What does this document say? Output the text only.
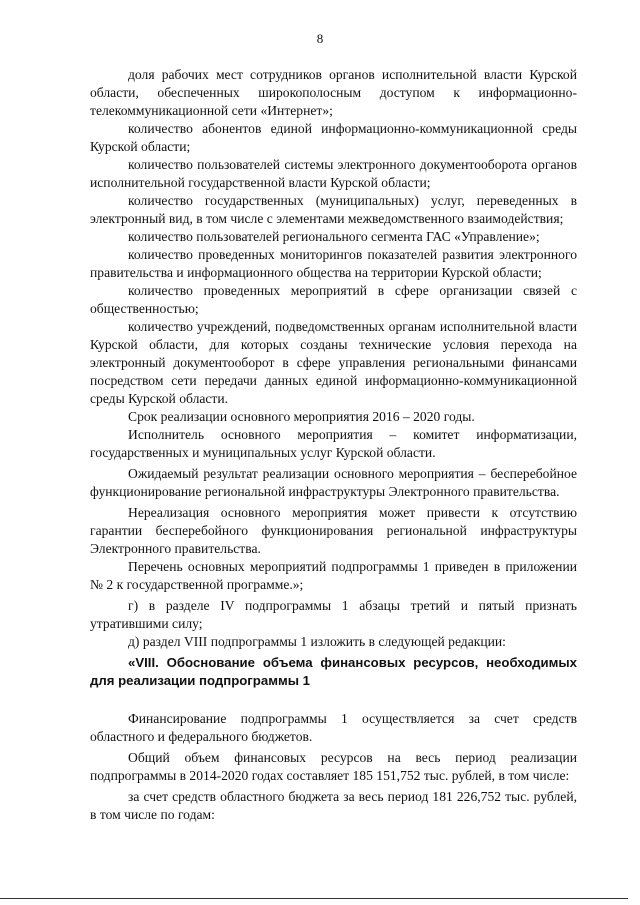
8

доля рабочих мест сотрудников органов исполнительной власти Курской области, обеспеченных широкополосным доступом к информационно-телекоммуникационной сети «Интернет»;

количество абонентов единой информационно-коммуникационной среды Курской области;

количество пользователей системы электронного документооборота органов исполнительной государственной власти Курской области;

количество государственных (муниципальных) услуг, переведенных в электронный вид, в том числе с элементами межведомственного взаимодействия;

количество пользователей регионального сегмента ГАС «Управление»;

количество проведенных мониторингов показателей развития электронного правительства и информационного общества на территории Курской области;

количество проведенных мероприятий в сфере организации связей с общественностью;

количество учреждений, подведомственных органам исполнительной власти Курской области, для которых созданы технические условия перехода на электронный документооборот в сфере управления региональными финансами посредством сети передачи данных единой информационно-коммуникационной среды Курской области.

Срок реализации основного мероприятия 2016 – 2020 годы.

Исполнитель основного мероприятия – комитет информатизации, государственных и муниципальных услуг Курской области.

Ожидаемый результат реализации основного мероприятия – бесперебойное функционирование региональной инфраструктуры Электронного правительства.

Нереализация основного мероприятия может привести к отсутствию гарантии бесперебойного функционирования региональной инфраструктуры Электронного правительства.

Перечень основных мероприятий подпрограммы 1 приведен в приложении № 2 к государственной программе.»;

г) в разделе IV подпрограммы 1 абзацы третий и пятый признать утратившими силу;

д) раздел VIII подпрограммы 1 изложить в следующей редакции:

«VIII. Обоснование объема финансовых ресурсов, необходимых для реализации подпрограммы 1

Финансирование подпрограммы 1 осуществляется за счет средств областного и федерального бюджетов.

Общий объем финансовых ресурсов на весь период реализации подпрограммы в 2014-2020 годах составляет 185 151,752 тыс. рублей, в том числе:

за счет средств областного бюджета за весь период 181 226,752 тыс. рублей, в том числе по годам:
